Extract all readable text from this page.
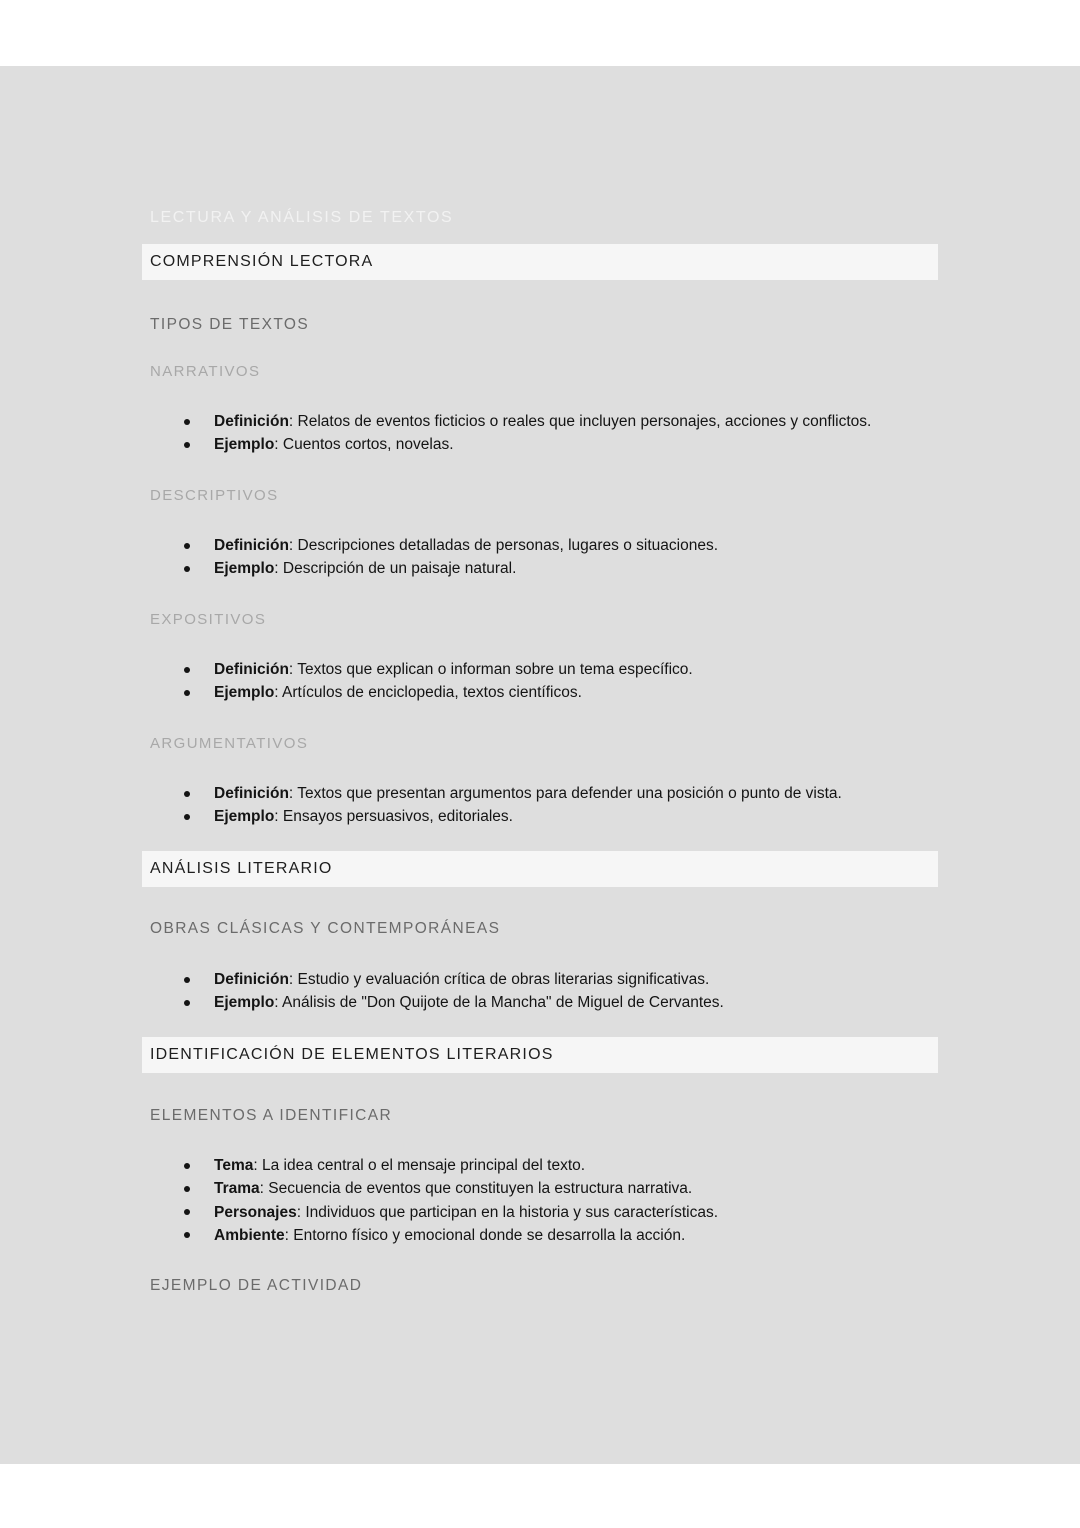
LECTURA Y ANÁLISIS DE TEXTOS
COMPRENSIÓN LECTORA
TIPOS DE TEXTOS
NARRATIVOS
Definición: Relatos de eventos ficticios o reales que incluyen personajes, acciones y conflictos.
Ejemplo: Cuentos cortos, novelas.
DESCRIPTIVOS
Definición: Descripciones detalladas de personas, lugares o situaciones.
Ejemplo: Descripción de un paisaje natural.
EXPOSITIVOS
Definición: Textos que explican o informan sobre un tema específico.
Ejemplo: Artículos de enciclopedia, textos científicos.
ARGUMENTATIVOS
Definición: Textos que presentan argumentos para defender una posición o punto de vista.
Ejemplo: Ensayos persuasivos, editoriales.
ANÁLISIS LITERARIO
OBRAS CLÁSICAS Y CONTEMPORÁNEAS
Definición: Estudio y evaluación crítica de obras literarias significativas.
Ejemplo: Análisis de "Don Quijote de la Mancha" de Miguel de Cervantes.
IDENTIFICACIÓN DE ELEMENTOS LITERARIOS
ELEMENTOS A IDENTIFICAR
Tema: La idea central o el mensaje principal del texto.
Trama: Secuencia de eventos que constituyen la estructura narrativa.
Personajes: Individuos que participan en la historia y sus características.
Ambiente: Entorno físico y emocional donde se desarrolla la acción.
EJEMPLO DE ACTIVIDAD
